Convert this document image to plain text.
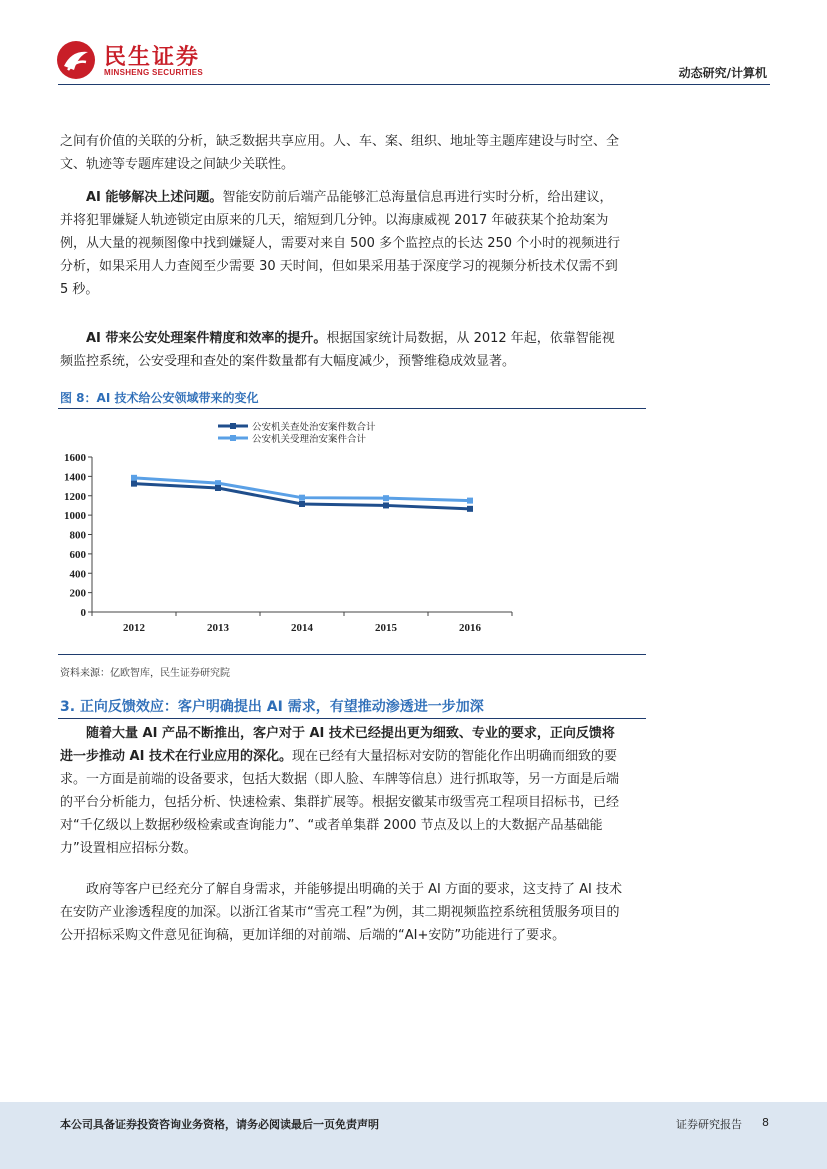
民生证券
MINSHENG SECURITIES	动态研究/计算机

之间有价值的关联的分析，缺乏数据共享应用。人、车、案、组织、地址等主题库建设与时空、全文、轨迹等专题库建设之间缺少关联性。

AI 能够解决上述问题。智能安防前后端产品能够汇总海量信息再进行实时分析，给出建议，并将犯罪嫌疑人轨迹锁定由原来的几天，缩短到几分钟。以海康威视 2017 年破获某个抢劫案为例，从大量的视频图像中找到嫌疑人，需要对来自 500 多个监控点的长达 250 个小时的视频进行分析，如果采用人力查阅至少需要 30 天时间，但如果采用基于深度学习的视频分析技术仅需不到 5 秒。

AI 带来公安处理案件精度和效率的提升。根据国家统计局数据，从 2012 年起，依靠智能视频监控系统，公安受理和查处的案件数量都有大幅度减少，预警维稳成效显著。

图 8：AI 技术给公安领域带来的变化
公安机关查处治安案件数合计
公安机关受理治安案件合计
0
200
400
600
800
1000
1200
1400
1600
2012	2013	2014	2015	2016
资料来源：亿欧智库，民生证券研究院
3. 正向反馈效应：客户明确提出 AI 需求，有望推动渗透进一步加深

随着大量 AI 产品不断推出，客户对于 AI 技术已经提出更为细致、专业的要求，正向反馈将进一步推动 AI 技术在行业应用的深化。现在已经有大量招标对安防的智能化作出明确而细致的要求。一方面是前端的设备要求，包括大数据（即人脸、车牌等信息）进行抓取等，另一方面是后端的平台分析能力，包括分析、快速检索、集群扩展等。根据安徽某市级雪亮工程项目招标书，已经对“千亿级以上数据秒级检索或查询能力”、“或者单集群 2000 节点及以上的大数据产品基础能力”设置相应招标分数。

政府等客户已经充分了解自身需求，并能够提出明确的关于 AI 方面的要求，这支持了 AI 技术在安防产业渗透程度的加深。以浙江省某市“雪亮工程”为例，其二期视频监控系统租赁服务项目的公开招标采购文件意见征询稿，更加详细的对前端、后端的“AI+安防”功能进行了要求。

本公司具备证券投资咨询业务资格，请务必阅读最后一页免责声明	证券研究报告 8
